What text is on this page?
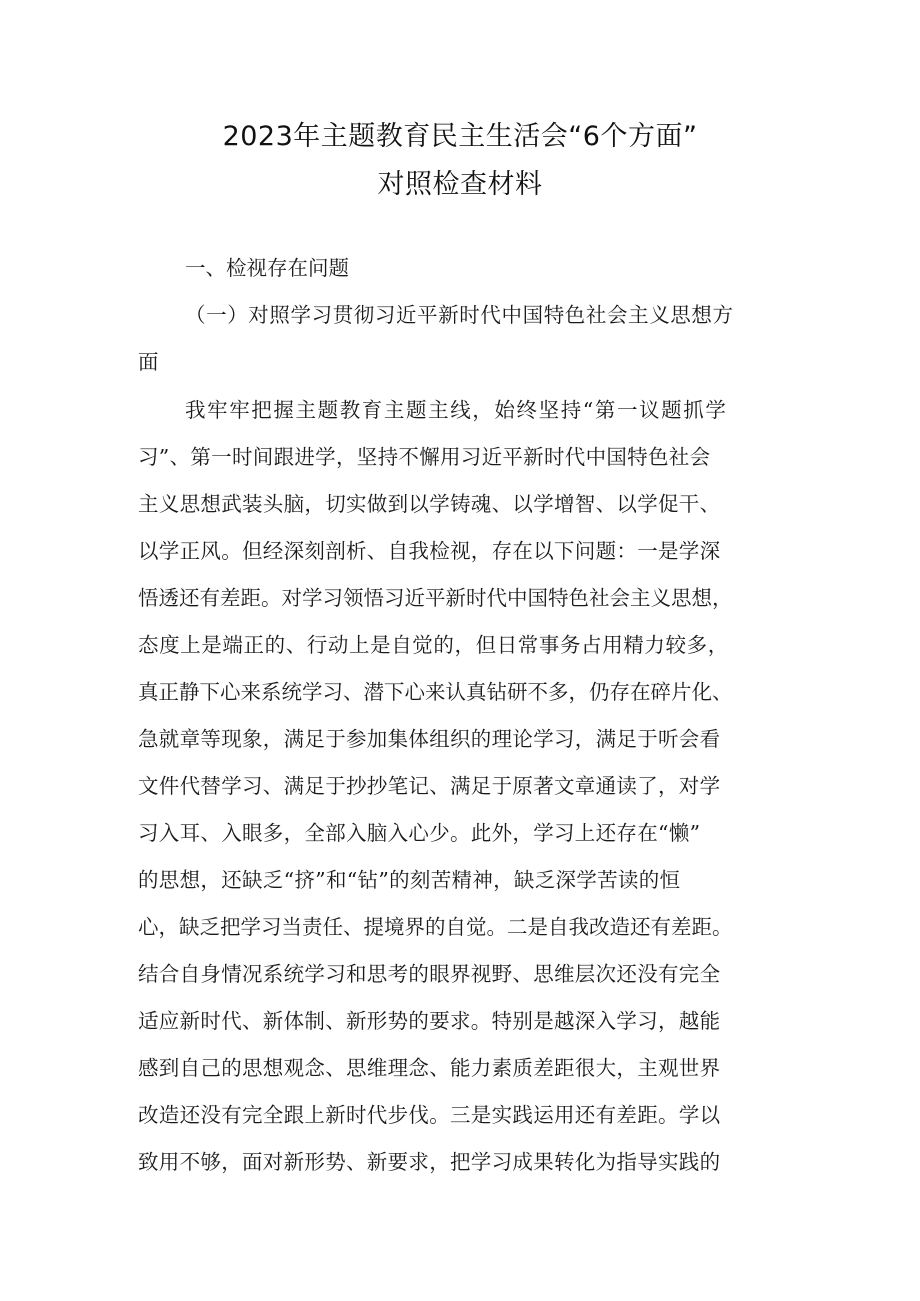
2023年主题教育民主生活会“6个方面”
对照检查材料

一、检视存在问题

（一）对照学习贯彻习近平新时代中国特色社会主义思想方

面

我牢牢把握主题教育主题主线，始终坚持“第一议题抓学

习”、第一时间跟进学，坚持不懈用习近平新时代中国特色社会

主义思想武装头脑，切实做到以学铸魂、以学增智、以学促干、

以学正风。但经深刻剖析、自我检视，存在以下问题：一是学深

悟透还有差距。对学习领悟习近平新时代中国特色社会主义思想，

态度上是端正的、行动上是自觉的，但日常事务占用精力较多，

真正静下心来系统学习、潜下心来认真钻研不多，仍存在碎片化、

急就章等现象，满足于参加集体组织的理论学习，满足于听会看

文件代替学习、满足于抄抄笔记、满足于原著文章通读了，对学

习入耳、入眼多，全部入脑入心少。此外，学习上还存在“懒”

的思想，还缺乏“挤”和“钻”的刻苦精神，缺乏深学苦读的恒

心，缺乏把学习当责任、提境界的自觉。二是自我改造还有差距。

结合自身情况系统学习和思考的眼界视野、思维层次还没有完全

适应新时代、新体制、新形势的要求。特别是越深入学习，越能

感到自己的思想观念、思维理念、能力素质差距很大，主观世界

改造还没有完全跟上新时代步伐。三是实践运用还有差距。学以

致用不够，面对新形势、新要求，把学习成果转化为指导实践的
